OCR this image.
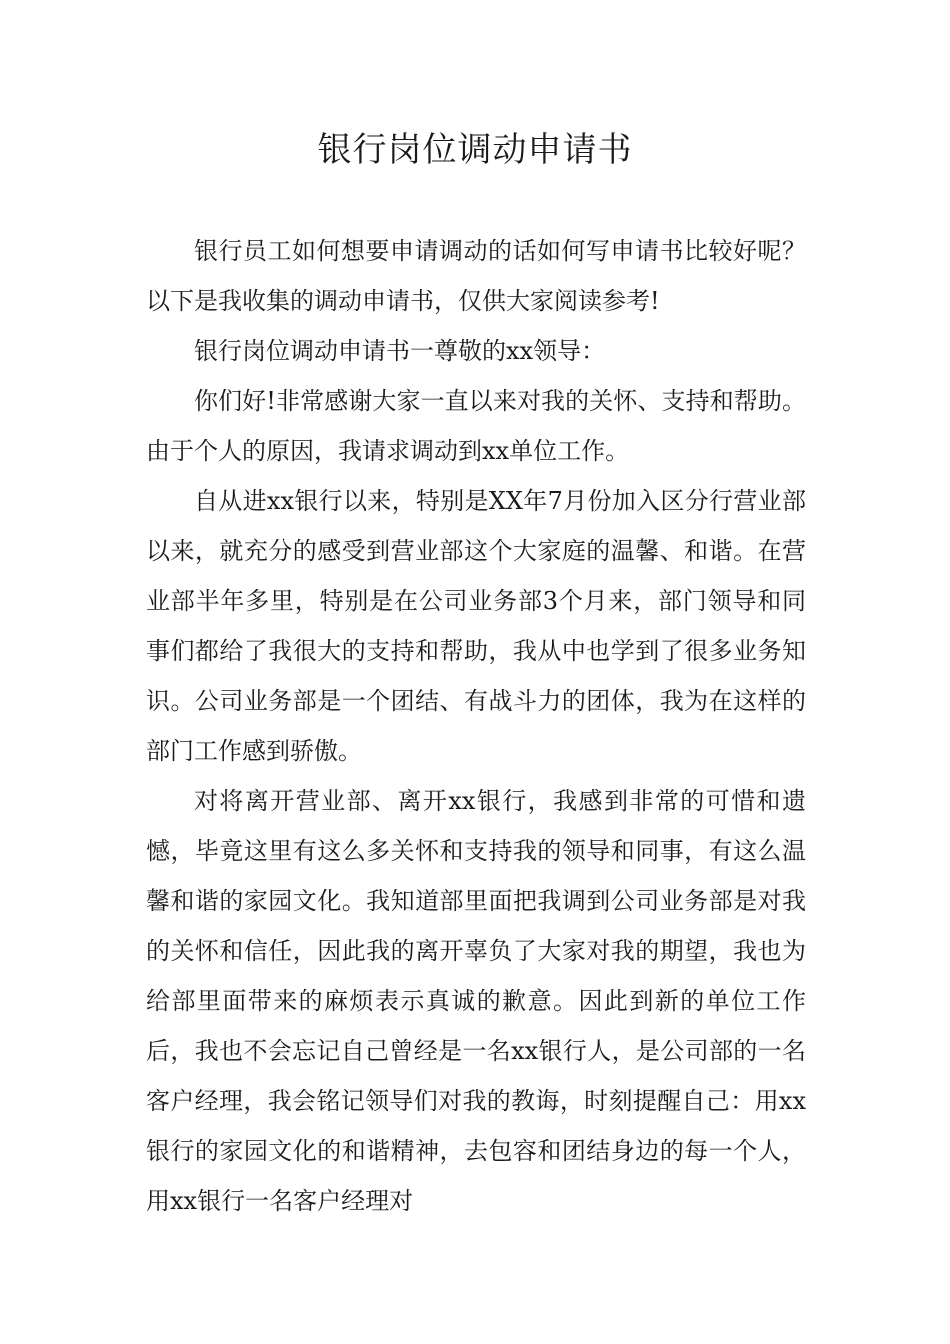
银行岗位调动申请书

银行员工如何想要申请调动的话如何写申请书比较好呢？以下是我收集的调动申请书，仅供大家阅读参考!

银行岗位调动申请书一尊敬的xx领导：

你们好!非常感谢大家一直以来对我的关怀、支持和帮助。由于个人的原因，我请求调动到xx单位工作。

自从进xx银行以来，特别是XX年7月份加入区分行营业部以来，就充分的感受到营业部这个大家庭的温馨、和谐。在营业部半年多里，特别是在公司业务部3个月来，部门领导和同事们都给了我很大的支持和帮助，我从中也学到了很多业务知识。公司业务部是一个团结、有战斗力的团体，我为在这样的部门工作感到骄傲。

对将离开营业部、离开xx银行，我感到非常的可惜和遗憾，毕竟这里有这么多关怀和支持我的领导和同事，有这么温馨和谐的家园文化。我知道部里面把我调到公司业务部是对我的关怀和信任，因此我的离开辜负了大家对我的期望，我也为给部里面带来的麻烦表示真诚的歉意。因此到新的单位工作后，我也不会忘记自己曾经是一名xx银行人，是公司部的一名客户经理，我会铭记领导们对我的教诲，时刻提醒自己：用xx银行的家园文化的和谐精神，去包容和团结身边的每一个人，用xx银行一名客户经理对
